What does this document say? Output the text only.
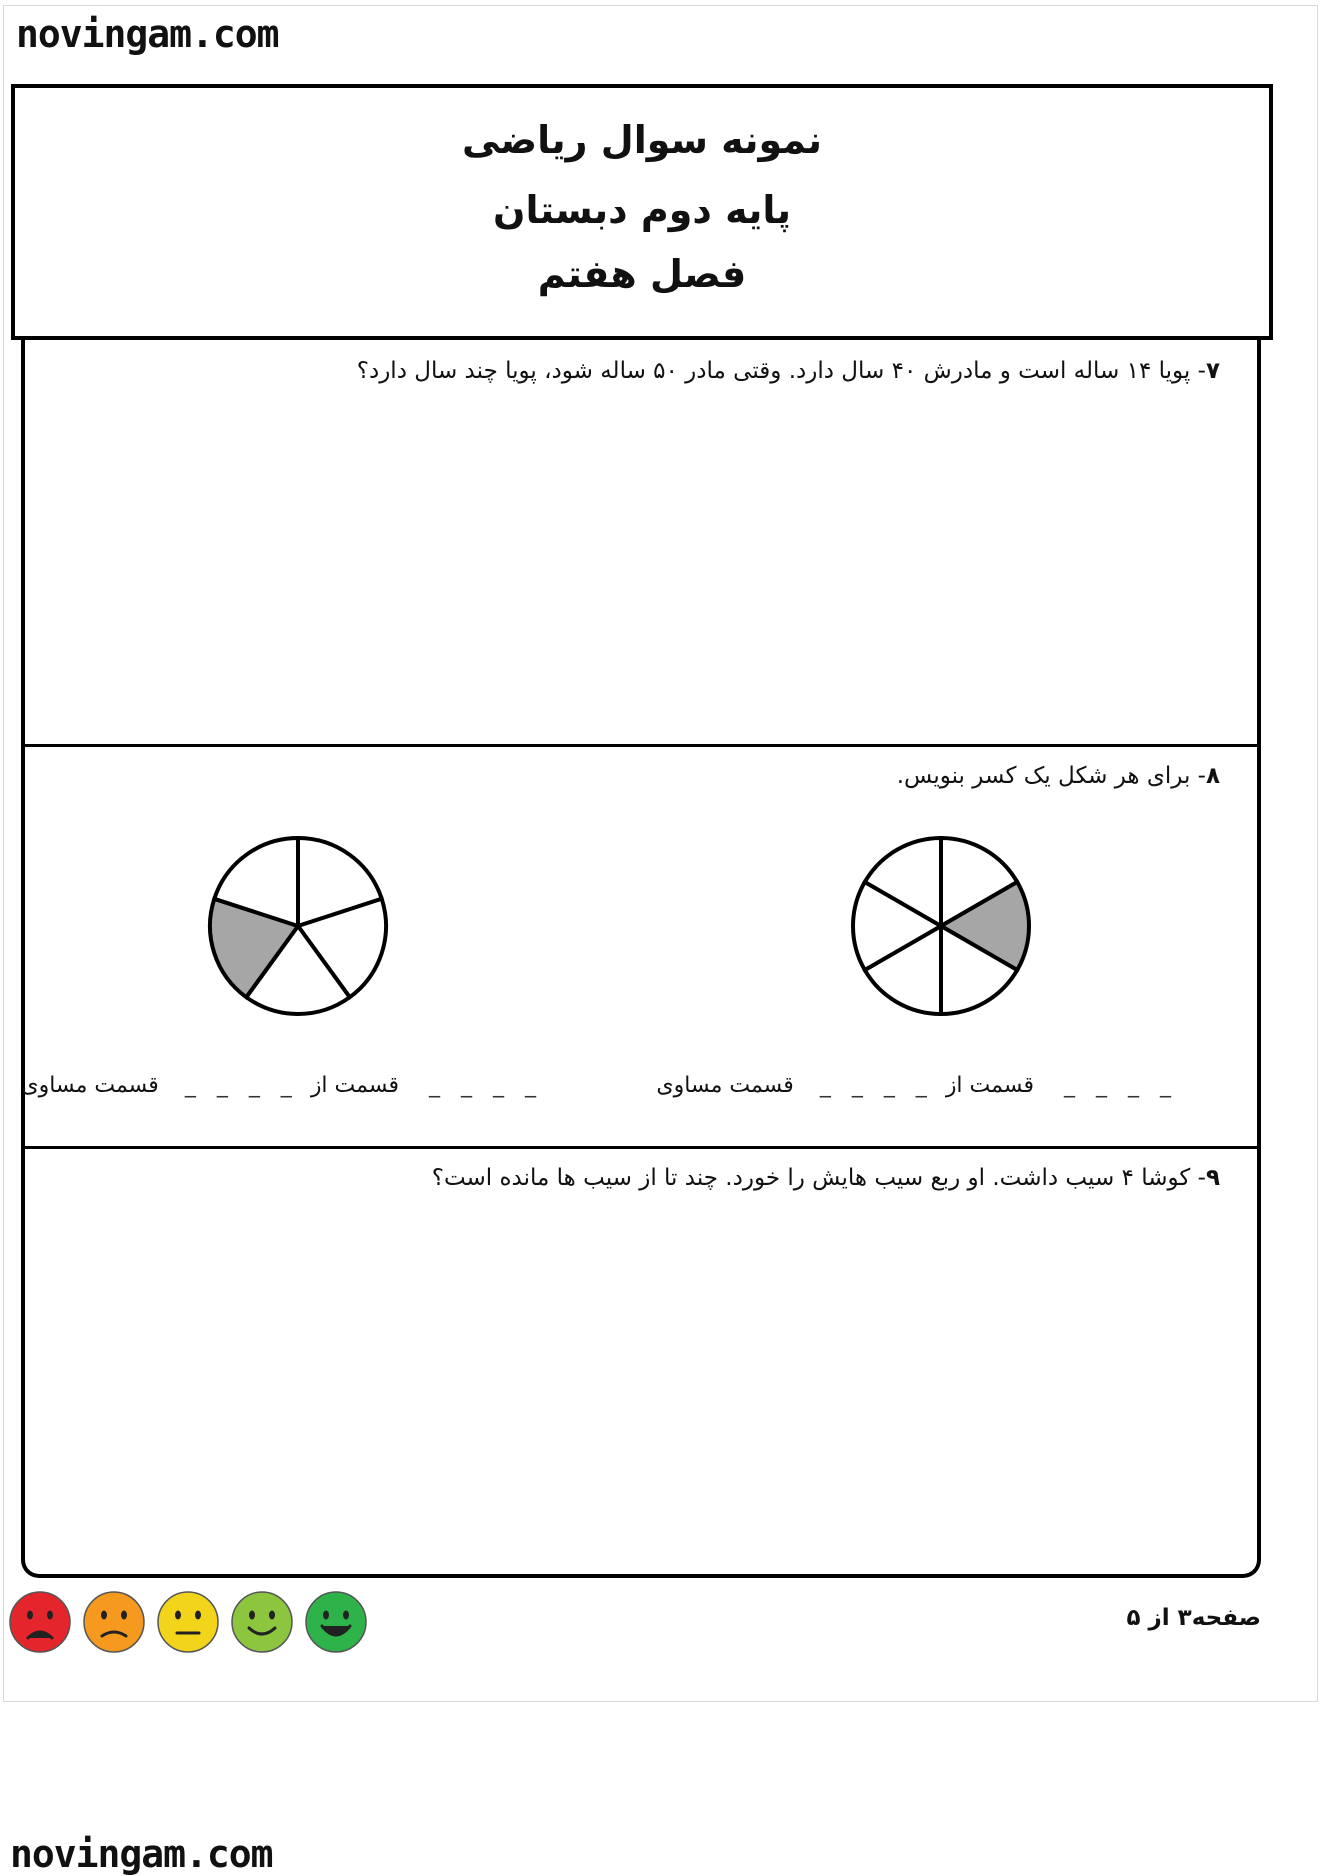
novingam.com
نمونه سوال ریاضی
پایه دوم دبستان
فصل هفتم
۷- پویا ۱۴ ساله است و مادرش ۴۰ سال دارد. وقتی مادر ۵۰ ساله شود، پویا چند سال دارد؟
۸- برای هر شکل یک کسر بنویس.
_ _ _ _
قسمت از
_ _ _ _
قسمت مساوی
_ _ _ _
قسمت از
_ _ _ _
قسمت مساوی
۹- کوشا ۴ سیب داشت. او ربع سیب هایش را خورد. چند تا از سیب ها مانده است؟
صفحه۳ از ۵
novingam.com
